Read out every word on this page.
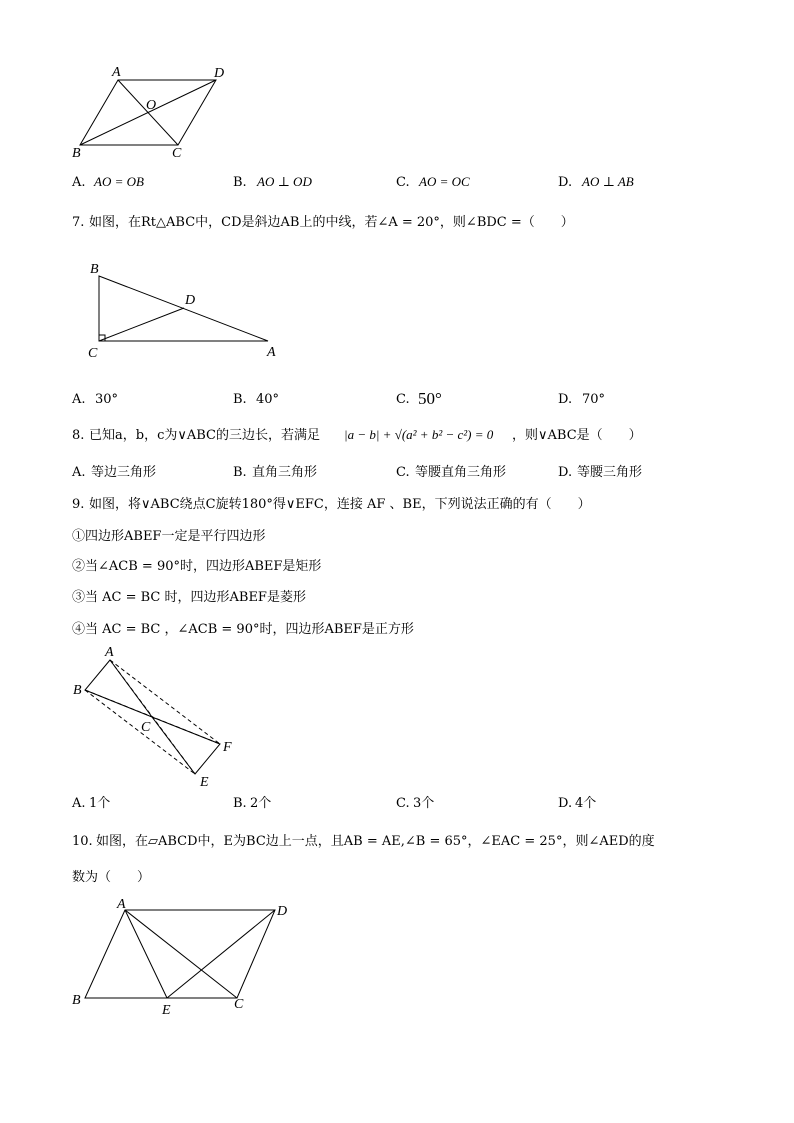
A	D
O
B	C
A. AO = OB	B. AO ⊥ OD	C. AO = OC	D. AO ⊥ AB
7. 如图，在Rt△ABC中，CD是斜边AB上的中线，若∠A = 20°，则∠BDC =（　　）
B
D
C	A
A. 30°	B. 40°	C. 50°	D. 70°
8. 已知a，b，c为∨ABC的三边长，若满足 |a − b| + √(a² + b² − c²) = 0 ，则∨ABC是（　　）
A. 等边三角形	B. 直角三角形	C. 等腰直角三角形	D. 等腰三角形
9. 如图，将∨ABC绕点C旋转180°得∨EFC，连接 AF 、BE，下列说法正确的有（　　）
①四边形ABEF一定是平行四边形
②当∠ACB = 90°时，四边形ABEF是矩形
③当 AC = BC 时，四边形ABEF是菱形
④当 AC = BC ，∠ACB = 90°时，四边形ABEF是正方形
A
B
C
F
E
A. 1个	B. 2个	C. 3个	D. 4个
10. 如图，在▱ABCD中，E为BC边上一点，且AB = AE,∠B = 65°，∠EAC = 25°，则∠AED的度
数为（　　）
A	D
B
E	C
